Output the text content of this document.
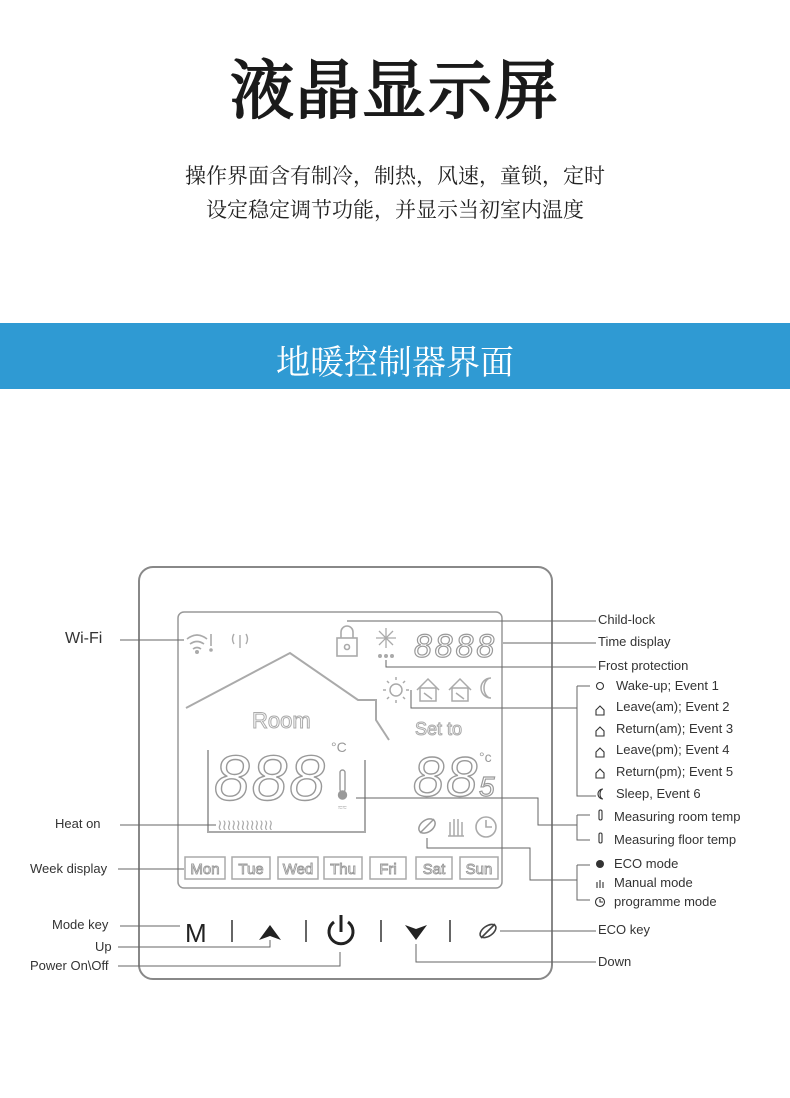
液晶显示屏
操作界面含有制冷，制热，风速，童锁，定时
设定稳定调节功能，并显示当初室内温度
地暖控制器界面
8888
Room	Set to
888 °C
≈≈ 88 5
°c
≀≀≀≀≀≀≀≀≀≀≀≀
Mon Tue Wed Thu Fri Sat Sun
M
Wi-Fi
Heat on
Week display
Mode key
Up
Power On\Off
Child-lock
Time display
Frost protection
Wake-up; Event 1
Leave(am); Event 2
Return(am); Event 3
Leave(pm); Event 4
Return(pm); Event 5
Sleep, Event 6
Measuring room temp
Measuring floor temp
ECO mode
Manual mode
programme mode
ECO key
Down
